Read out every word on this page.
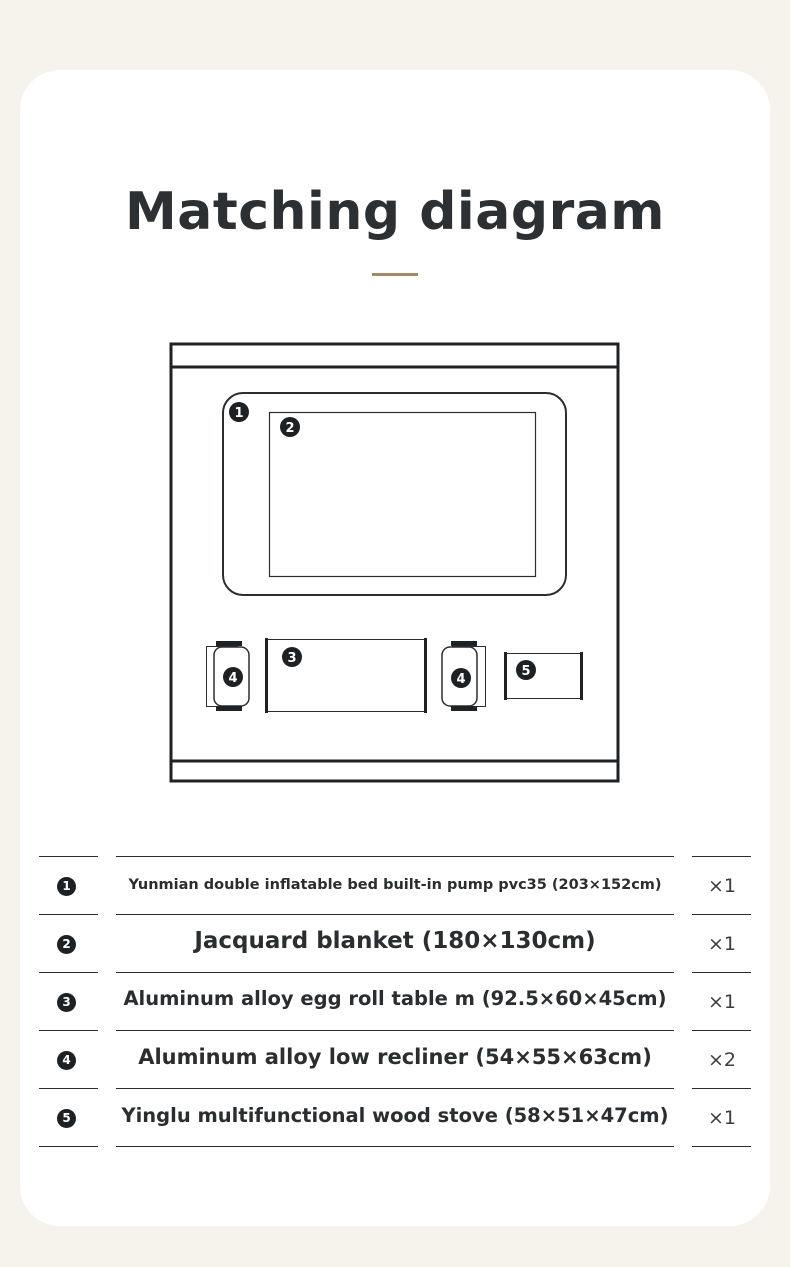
Matching diagram
1
2
3
4	4
5
1	Yunmian double inflatable bed built-in pump pvc35 (203×152cm)	×1
2	Jacquard blanket (180×130cm)	×1
3	Aluminum alloy egg roll table m (92.5×60×45cm)	×1
4	Aluminum alloy low recliner (54×55×63cm)	×2
5	Yinglu multifunctional wood stove (58×51×47cm)	×1
